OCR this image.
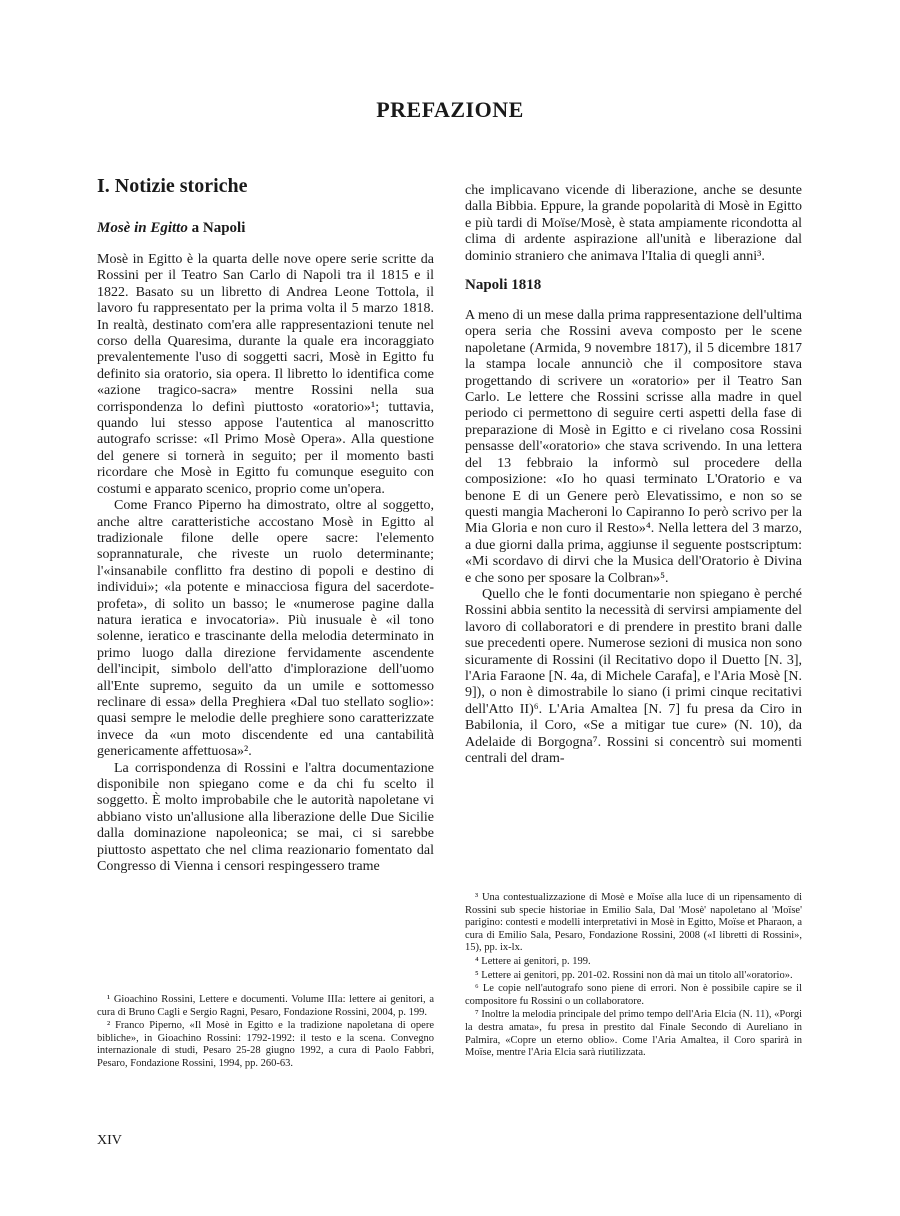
PREFAZIONE
I. Notizie storiche
Mosè in Egitto a Napoli

Mosè in Egitto è la quarta delle nove opere serie scritte da Rossini per il Teatro San Carlo di Napoli tra il 1815 e il 1822. Basato su un libretto di Andrea Leone Tottola, il lavoro fu rappresentato per la prima volta il 5 marzo 1818. In realtà, destinato com'era alle rappresentazioni tenute nel corso della Quaresima, durante la quale era incoraggiato prevalentemente l'uso di soggetti sacri, Mosè in Egitto fu definito sia oratorio, sia opera. Il libretto lo identifica come «azione tragico-sacra» mentre Rossini nella sua corrispondenza lo definì piuttosto «oratorio»¹; tuttavia, quando lui stesso appose l'autentica al manoscritto autografo scrisse: «Il Primo Mosè Opera». Alla questione del genere si tornerà in seguito; per il momento basti ricordare che Mosè in Egitto fu comunque eseguito con costumi e apparato scenico, proprio come un'opera.

Come Franco Piperno ha dimostrato, oltre al soggetto, anche altre caratteristiche accostano Mosè in Egitto al tradizionale filone delle opere sacre: l'elemento soprannaturale, che riveste un ruolo determinante; l'«insanabile conflitto fra destino di popoli e destino di individui»; «la potente e minacciosa figura del sacerdote-profeta», di solito un basso; le «numerose pagine dalla natura ieratica e invocatoria». Più inusuale è «il tono solenne, ieratico e trascinante della melodia determinato in primo luogo dalla direzione fervidamente ascendente dell'incipit, simbolo dell'atto d'implorazione dell'uomo all'Ente supremo, seguito da un umile e sottomesso reclinare di essa» della Preghiera «Dal tuo stellato soglio»: quasi sempre le melodie delle preghiere sono caratterizzate invece da «un moto discendente ed una cantabilità genericamente affettuosa»².

La corrispondenza di Rossini e l'altra documentazione disponibile non spiegano come e da chi fu scelto il soggetto. È molto improbabile che le autorità napoletane vi abbiano visto un'allusione alla liberazione delle Due Sicilie dalla dominazione napoleonica; se mai, ci si sarebbe piuttosto aspettato che nel clima reazionario fomentato dal Congresso di Vienna i censori respingessero trame

che implicavano vicende di liberazione, anche se desunte dalla Bibbia. Eppure, la grande popolarità di Mosè in Egitto e più tardi di Moïse/Mosè, è stata ampiamente ricondotta al clima di ardente aspirazione all'unità e liberazione dal dominio straniero che animava l'Italia di quegli anni³.

Napoli 1818

A meno di un mese dalla prima rappresentazione dell'ultima opera seria che Rossini aveva composto per le scene napoletane (Armida, 9 novembre 1817), il 5 dicembre 1817 la stampa locale annunciò che il compositore stava progettando di scrivere un «oratorio» per il Teatro San Carlo. Le lettere che Rossini scrisse alla madre in quel periodo ci permettono di seguire certi aspetti della fase di preparazione di Mosè in Egitto e ci rivelano cosa Rossini pensasse dell'«oratorio» che stava scrivendo. In una lettera del 13 febbraio la informò sul procedere della composizione: «Io ho quasi terminato L'Oratorio e va benone E di un Genere però Elevatissimo, e non so se questi mangia Macheroni lo Capiranno Io però scrivo per la Mia Gloria e non curo il Resto»⁴. Nella lettera del 3 marzo, a due giorni dalla prima, aggiunse il seguente postscriptum: «Mi scordavo di dirvi che la Musica dell'Oratorio è Divina e che sono per sposare la Colbran»⁵.

Quello che le fonti documentarie non spiegano è perché Rossini abbia sentito la necessità di servirsi ampiamente del lavoro di collaboratori e di prendere in prestito brani dalle sue precedenti opere. Numerose sezioni di musica non sono sicuramente di Rossini (il Recitativo dopo il Duetto [N. 3], l'Aria Faraone [N. 4a, di Michele Carafa], e l'Aria Mosè [N. 9]), o non è dimostrabile lo siano (i primi cinque recitativi dell'Atto II)⁶. L'Aria Amaltea [N. 7] fu presa da Ciro in Babilonia, il Coro, «Se a mitigar tue cure» (N. 10), da Adelaide di Borgogna⁷. Rossini si concentrò sui momenti centrali del dram-

¹ Gioachino Rossini, Lettere e documenti. Volume IIIa: lettere ai genitori, a cura di Bruno Cagli e Sergio Ragni, Pesaro, Fondazione Rossini, 2004, p. 199.

² Franco Piperno, «Il Mosè in Egitto e la tradizione napoletana di opere bibliche», in Gioachino Rossini: 1792-1992: il testo e la scena. Convegno internazionale di studi, Pesaro 25-28 giugno 1992, a cura di Paolo Fabbri, Pesaro, Fondazione Rossini, 1994, pp. 260-63.

³ Una contestualizzazione di Mosè e Moïse alla luce di un ripensamento di Rossini sub specie historiae in Emilio Sala, Dal 'Mosè' napoletano al 'Moïse' parigino: contesti e modelli interpretativi in Mosè in Egitto, Moïse et Pharaon, a cura di Emilio Sala, Pesaro, Fondazione Rossini, 2008 («I libretti di Rossini», 15), pp. ix-lx.

⁴ Lettere ai genitori, p. 199.

⁵ Lettere ai genitori, pp. 201-02. Rossini non dà mai un titolo all'«oratorio».

⁶ Le copie nell'autografo sono piene di errori. Non è possibile capire se il compositore fu Rossini o un collaboratore.

⁷ Inoltre la melodia principale del primo tempo dell'Aria Elcia (N. 11), «Porgi la destra amata», fu presa in prestito dal Finale Secondo di Aureliano in Palmira, «Copre un eterno oblio». Come l'Aria Amaltea, il Coro sparirà in Moïse, mentre l'Aria Elcia sarà riutilizzata.

XIV
